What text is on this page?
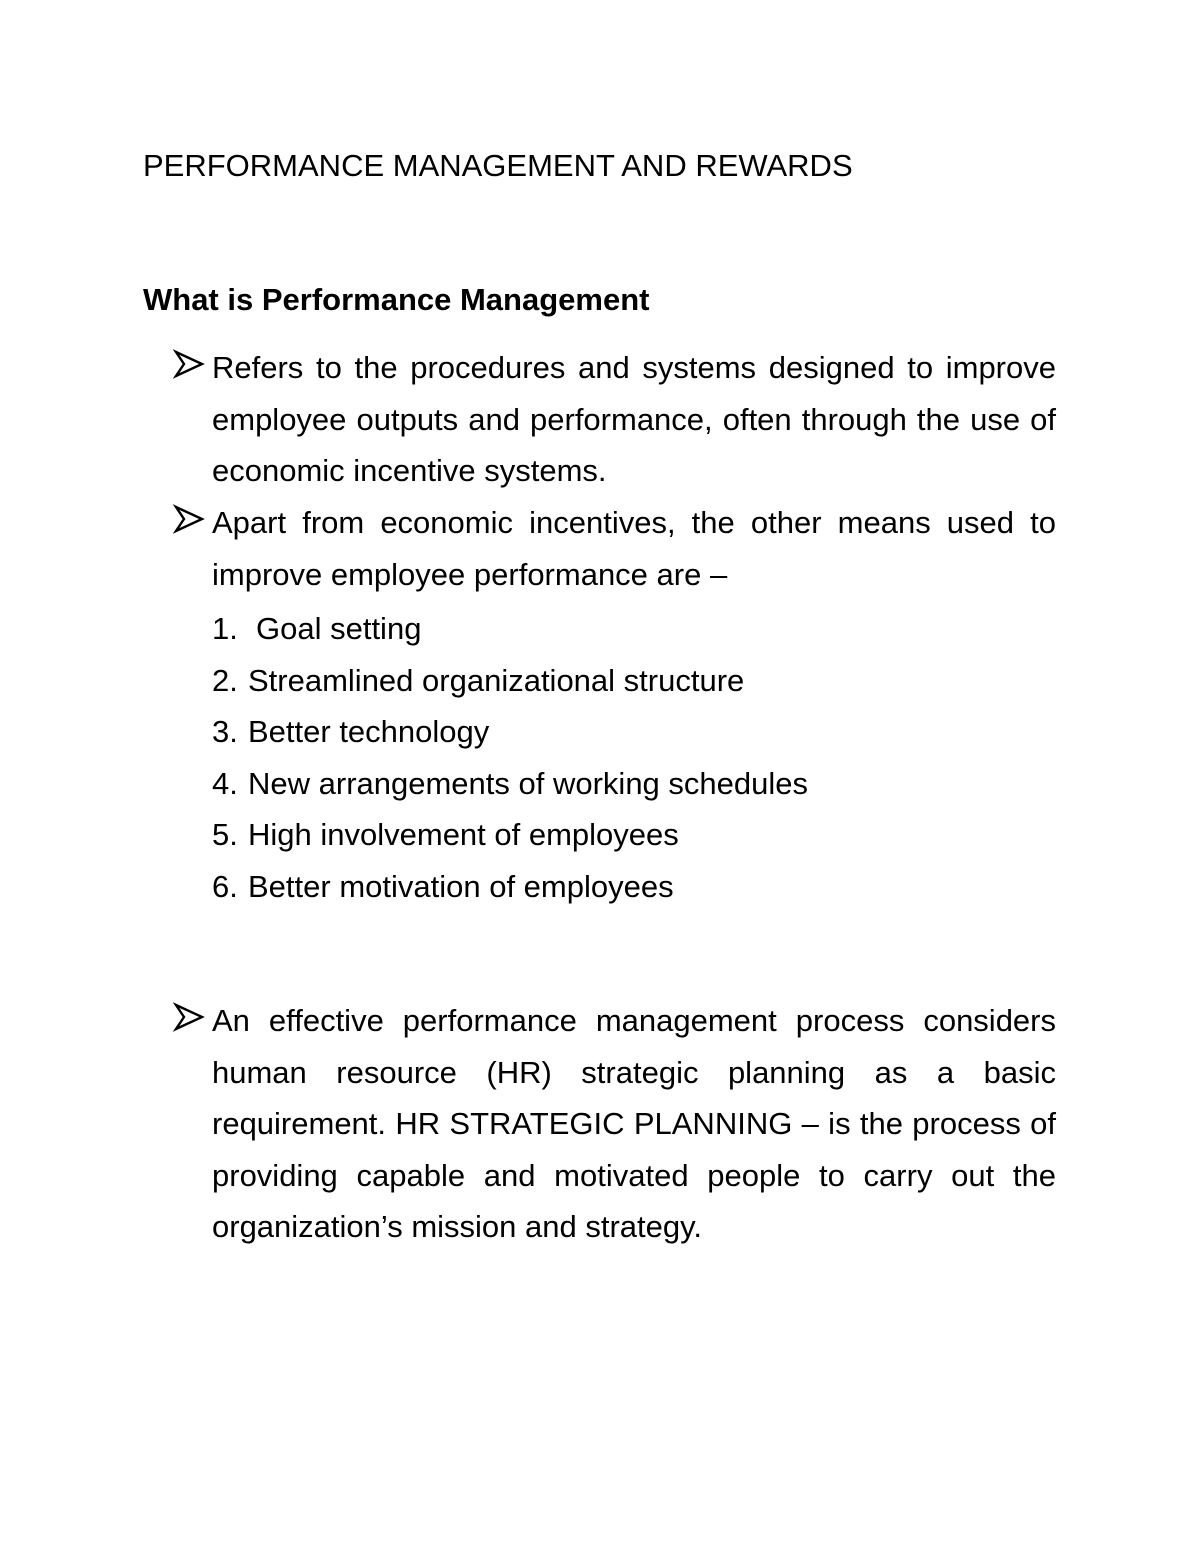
PERFORMANCE MANAGEMENT AND REWARDS
What is Performance Management
Refers to the procedures and systems designed to improve employee outputs and performance, often through the use of economic incentive systems.
Apart from economic incentives, the other means used to improve employee performance are –
1. Goal setting
2. Streamlined organizational structure
3. Better technology
4. New arrangements of working schedules
5. High involvement of employees
6. Better motivation of employees
An effective performance management process considers human resource (HR) strategic planning as a basic requirement. HR STRATEGIC PLANNING – is the process of providing capable and motivated people to carry out the organization’s mission and strategy.
